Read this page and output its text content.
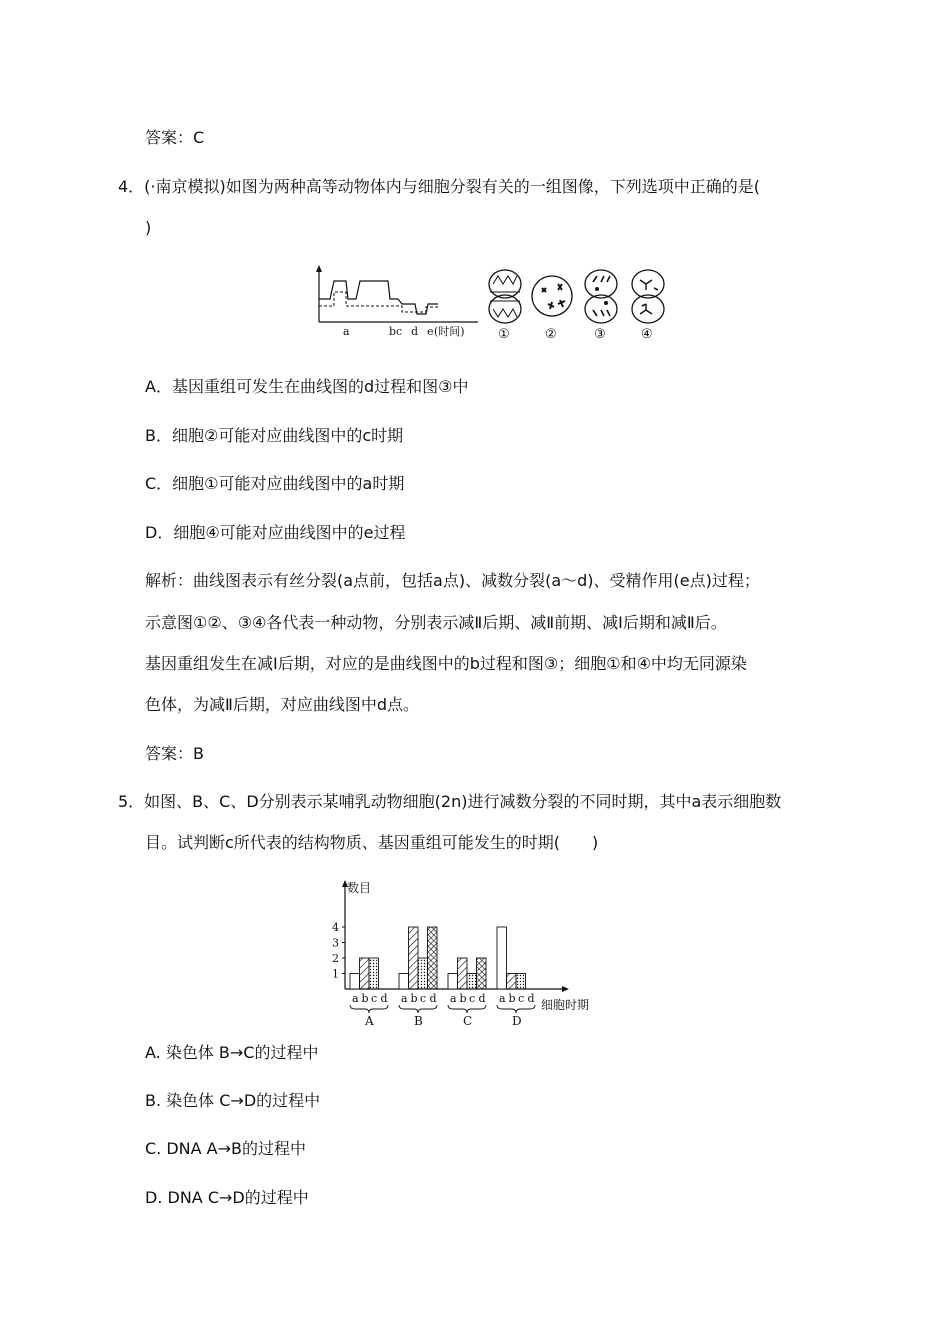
答案：C
4．(·南京模拟)如图为两种高等动物体内与细胞分裂有关的一组图像，下列选项中正确的是(
)
a	bc d e (时间)	①	②	③	④
A．基因重组可发生在曲线图的d过程和图③中
B．细胞②可能对应曲线图中的c时期
C．细胞①可能对应曲线图中的a时期
D．细胞④可能对应曲线图中的e过程
解析：曲线图表示有丝分裂(a点前，包括a点)、减数分裂(a～d)、受精作用(e点)过程；
示意图①②、③④各代表一种动物，分别表示减Ⅱ后期、减Ⅱ前期、减Ⅰ后期和减Ⅱ后。
基因重组发生在减Ⅰ后期，对应的是曲线图中的b过程和图③；细胞①和④中均无同源染
色体，为减Ⅱ后期，对应曲线图中d点。
答案：B
5．如图、B、C、D分别表示某哺乳动物细胞(2n)进行减数分裂的不同时期，其中a表示细胞数
目。试判断c所代表的结构物质、基因重组可能发生的时期(　　)
数目
细胞时期
1
2
3
4
a b c d
A
a b c d
B
a b c d
C
a b c d
D
A. 染色体 B→C的过程中
B. 染色体 C→D的过程中
C. DNA A→B的过程中
D. DNA C→D的过程中
